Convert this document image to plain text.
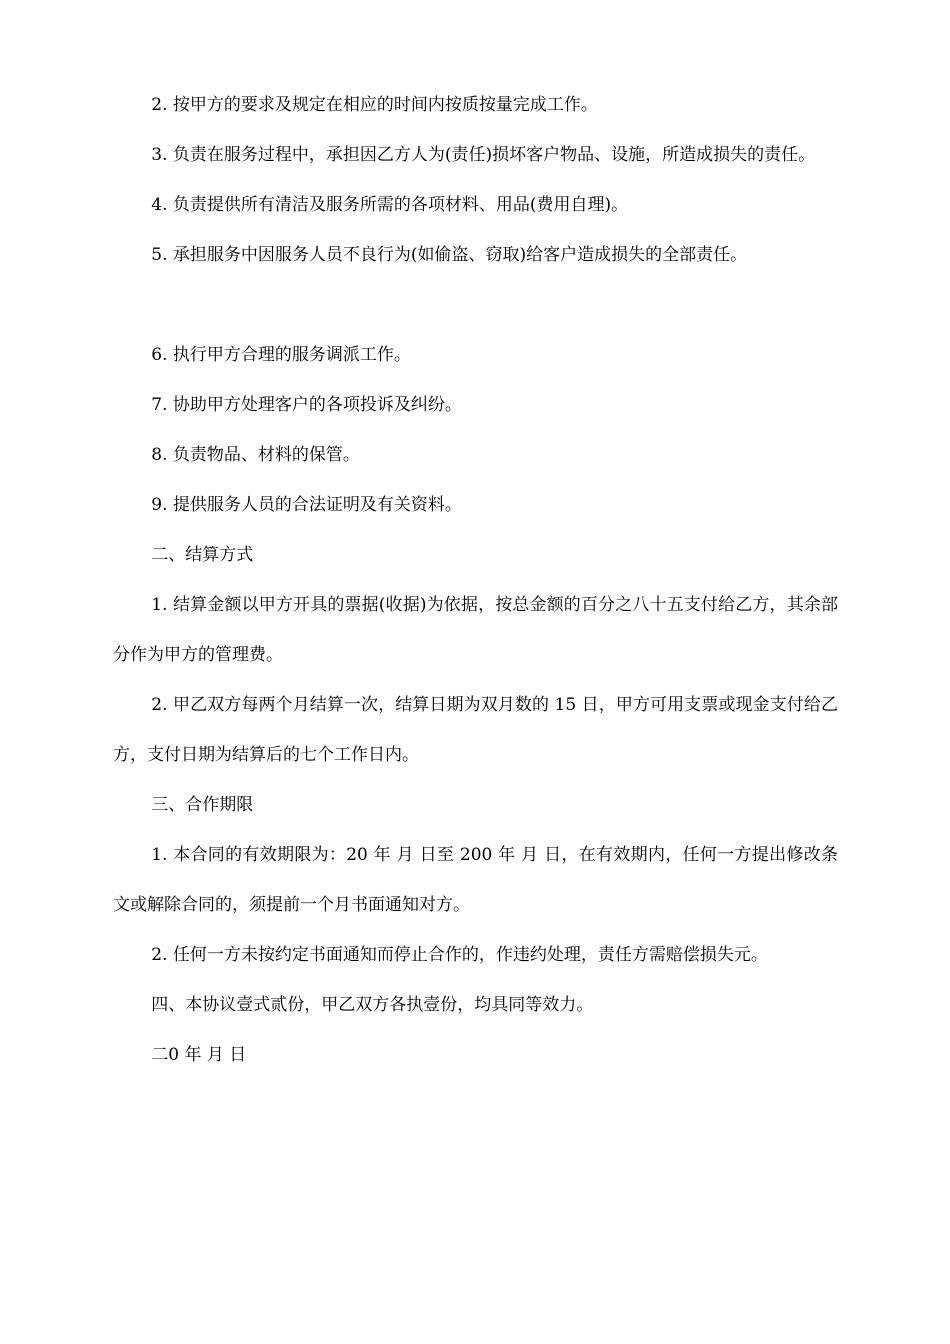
2. 按甲方的要求及规定在相应的时间内按质按量完成工作。

3. 负责在服务过程中，承担因乙方人为(责任)损坏客户物品、设施，所造成损失的责任。

4. 负责提供所有清洁及服务所需的各项材料、用品(费用自理)。

5. 承担服务中因服务人员不良行为(如偷盗、窃取)给客户造成损失的全部责任。

6. 执行甲方合理的服务调派工作。

7. 协助甲方处理客户的各项投诉及纠纷。

8. 负责物品、材料的保管。

9. 提供服务人员的合法证明及有关资料。

二、结算方式

1. 结算金额以甲方开具的票据(收据)为依据，按总金额的百分之八十五支付给乙方，其余部分作为甲方的管理费。

2. 甲乙双方每两个月结算一次，结算日期为双月数的 15 日，甲方可用支票或现金支付给乙方，支付日期为结算后的七个工作日内。

三、合作期限

1. 本合同的有效期限为：20 年 月 日至 200 年 月 日，在有效期内，任何一方提出修改条文或解除合同的，须提前一个月书面通知对方。

2. 任何一方未按约定书面通知而停止合作的，作违约处理，责任方需赔偿损失元。

四、本协议壹式贰份，甲乙双方各执壹份，均具同等效力。

二0 年 月 日
